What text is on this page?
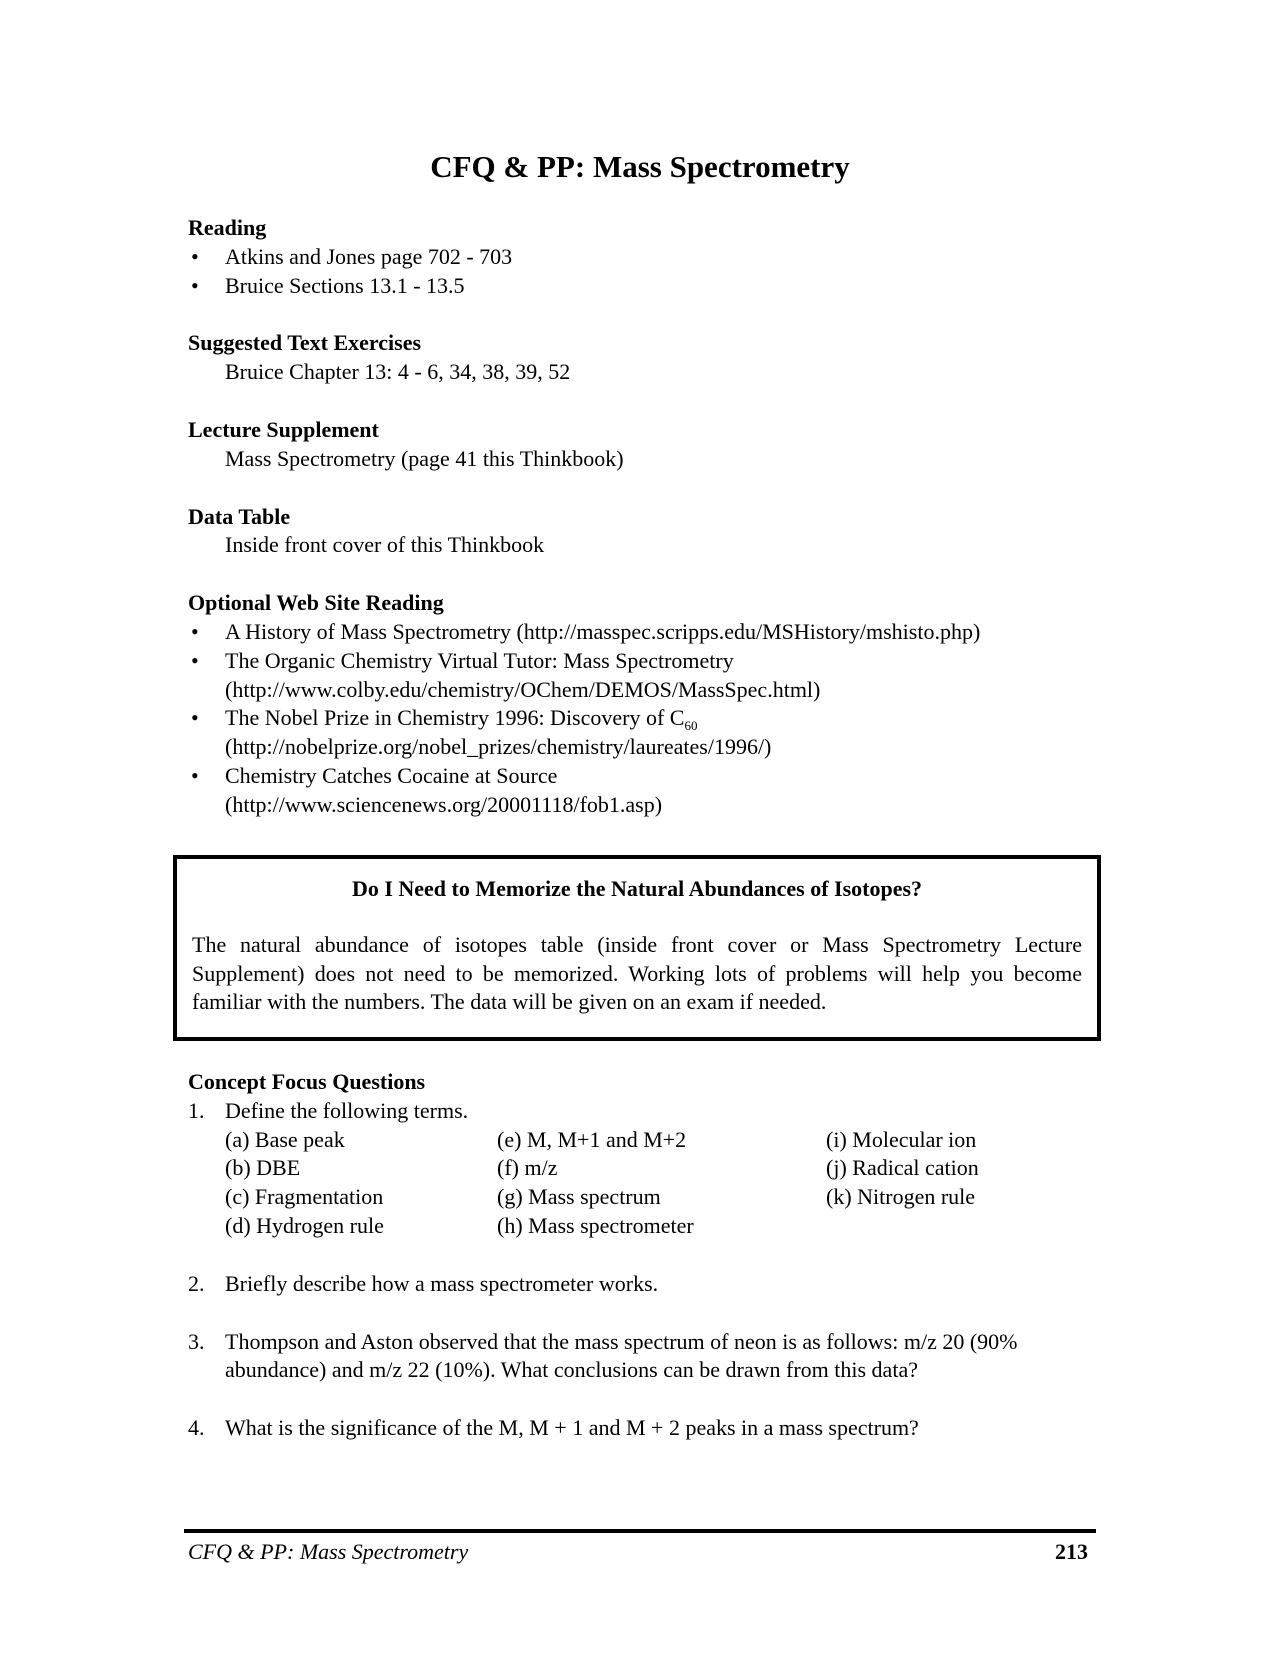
CFQ & PP: Mass Spectrometry
Reading
• Atkins and Jones page 702 - 703
• Bruice Sections 13.1 - 13.5
Suggested Text Exercises
Bruice Chapter 13: 4 - 6, 34, 38, 39, 52
Lecture Supplement
Mass Spectrometry (page 41 this Thinkbook)
Data Table
Inside front cover of this Thinkbook
Optional Web Site Reading
• A History of Mass Spectrometry (http://masspec.scripps.edu/MSHistory/mshisto.php)
• The Organic Chemistry Virtual Tutor: Mass Spectrometry
(http://www.colby.edu/chemistry/OChem/DEMOS/MassSpec.html)
• The Nobel Prize in Chemistry 1996: Discovery of $C_{60}$
(http://nobelprize.org/nobel_prizes/chemistry/laureates/1996/)
• Chemistry Catches Cocaine at Source
(http://www.sciencenews.org/20001118/fob1.asp)
Do I Need to Memorize the Natural Abundances of Isotopes?
The natural abundance of isotopes table (inside front cover or Mass Spectrometry Lecture Supplement) does not need to be memorized. Working lots of problems will help you become familiar with the numbers. The data will be given on an exam if needed.
Concept Focus Questions
1. Define the following terms.
(a) Base peak	(e) M, M+1 and M+2	(i) Molecular ion
(b) DBE	(f) m/z	(j) Radical cation
(c) Fragmentation	(g) Mass spectrum	(k) Nitrogen rule
(d) Hydrogen rule	(h) Mass spectrometer
2. Briefly describe how a mass spectrometer works.
3. Thompson and Aston observed that the mass spectrum of neon is as follows: m/z 20 (90% abundance) and m/z 22 (10%). What conclusions can be drawn from this data?
4. What is the significance of the M, M + 1 and M + 2 peaks in a mass spectrum?
CFQ & PP: Mass Spectrometry	213
